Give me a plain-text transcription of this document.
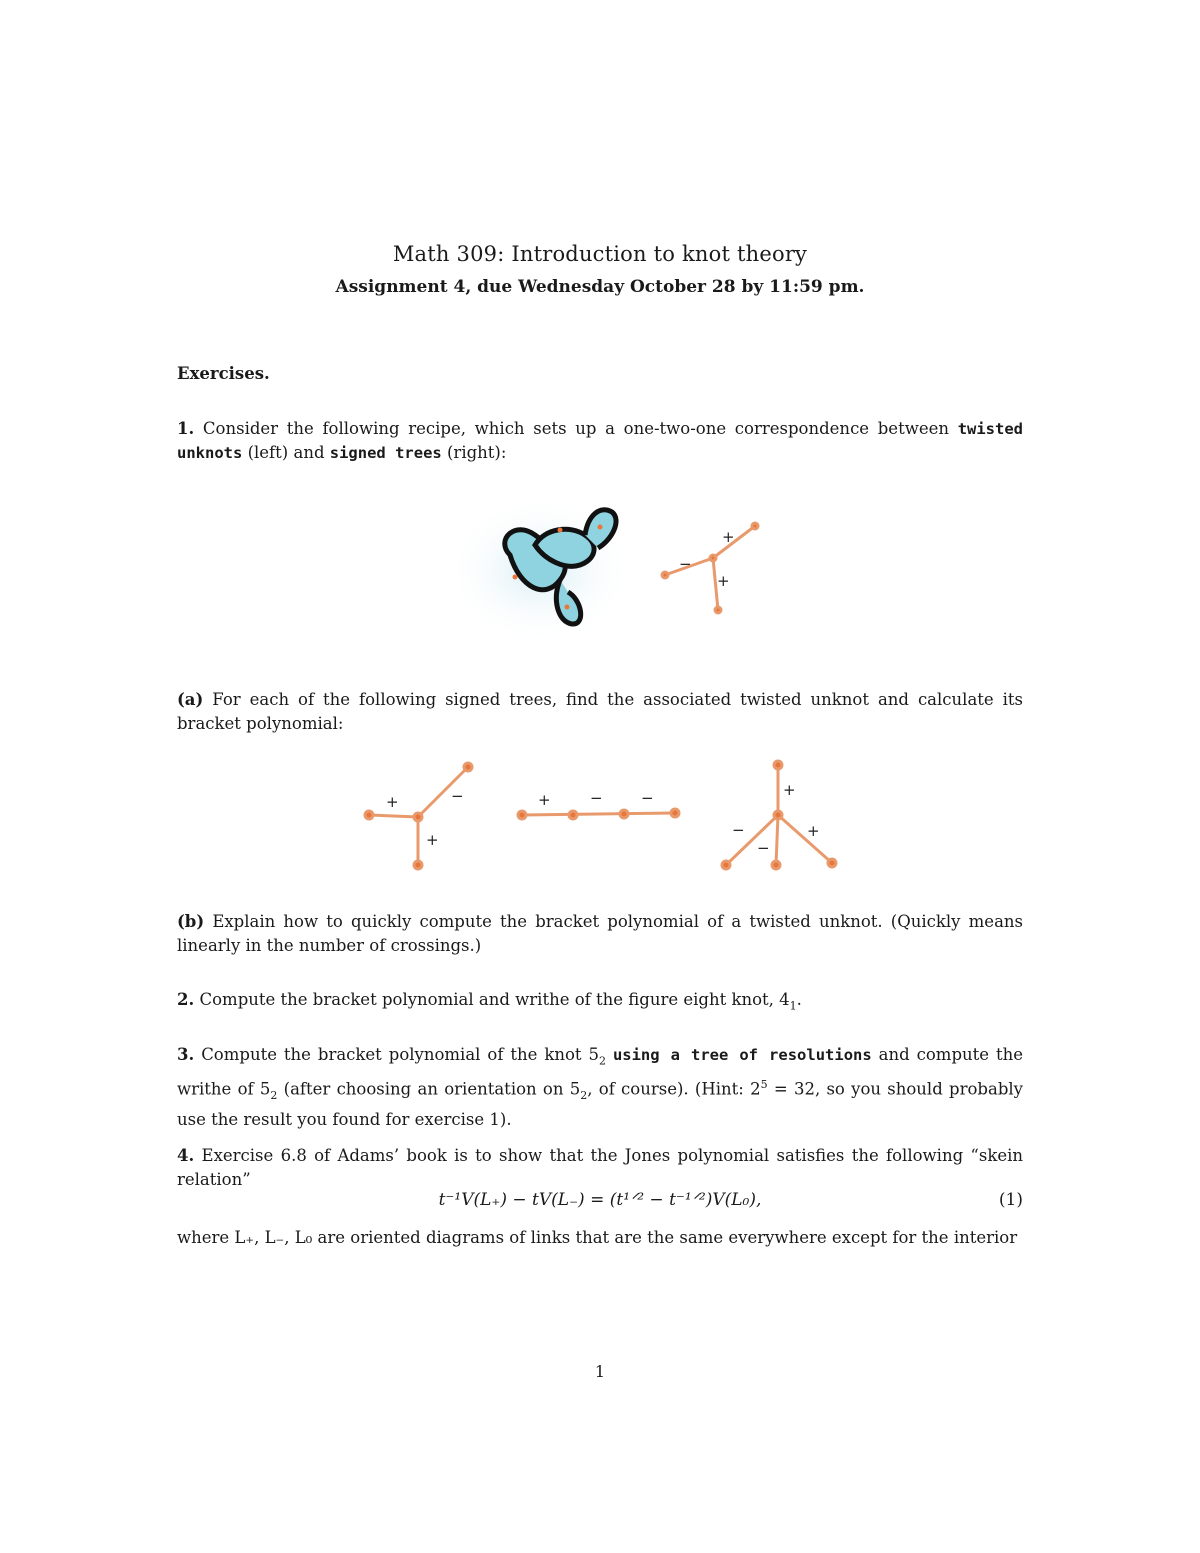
Math 309: Introduction to knot theory
Assignment 4, due Wednesday October 28 by 11:59 pm.
Exercises.
1. Consider the following recipe, which sets up a one-two-one correspondence between twisted unknots (left) and signed trees (right):
+
−
+
(a) For each of the following signed trees, find the associated twisted unknot and calculate its bracket polynomial:
+	−
+
+	−	−	+
−
−
+
(b) Explain how to quickly compute the bracket polynomial of a twisted unknot. (Quickly means linearly in the number of crossings.)
2. Compute the bracket polynomial and writhe of the figure eight knot, $4_1$.
3. Compute the bracket polynomial of the knot $5_2$ using a tree of resolutions and compute the writhe of $5_2$ (after choosing an orientation on $5_2$, of course). (Hint: $2^5 = 32$, so you should probably use the result you found for exercise 1).
4. Exercise 6.8 of Adams’ book is to show that the Jones polynomial satisfies the following “skein relation”
t⁻¹V(L₊) − tV(L₋) = (t¹ᐟ² − t⁻¹ᐟ²)V(L₀),	(1)
where L₊, L₋, L₀ are oriented diagrams of links that are the same everywhere except for the interior
1
